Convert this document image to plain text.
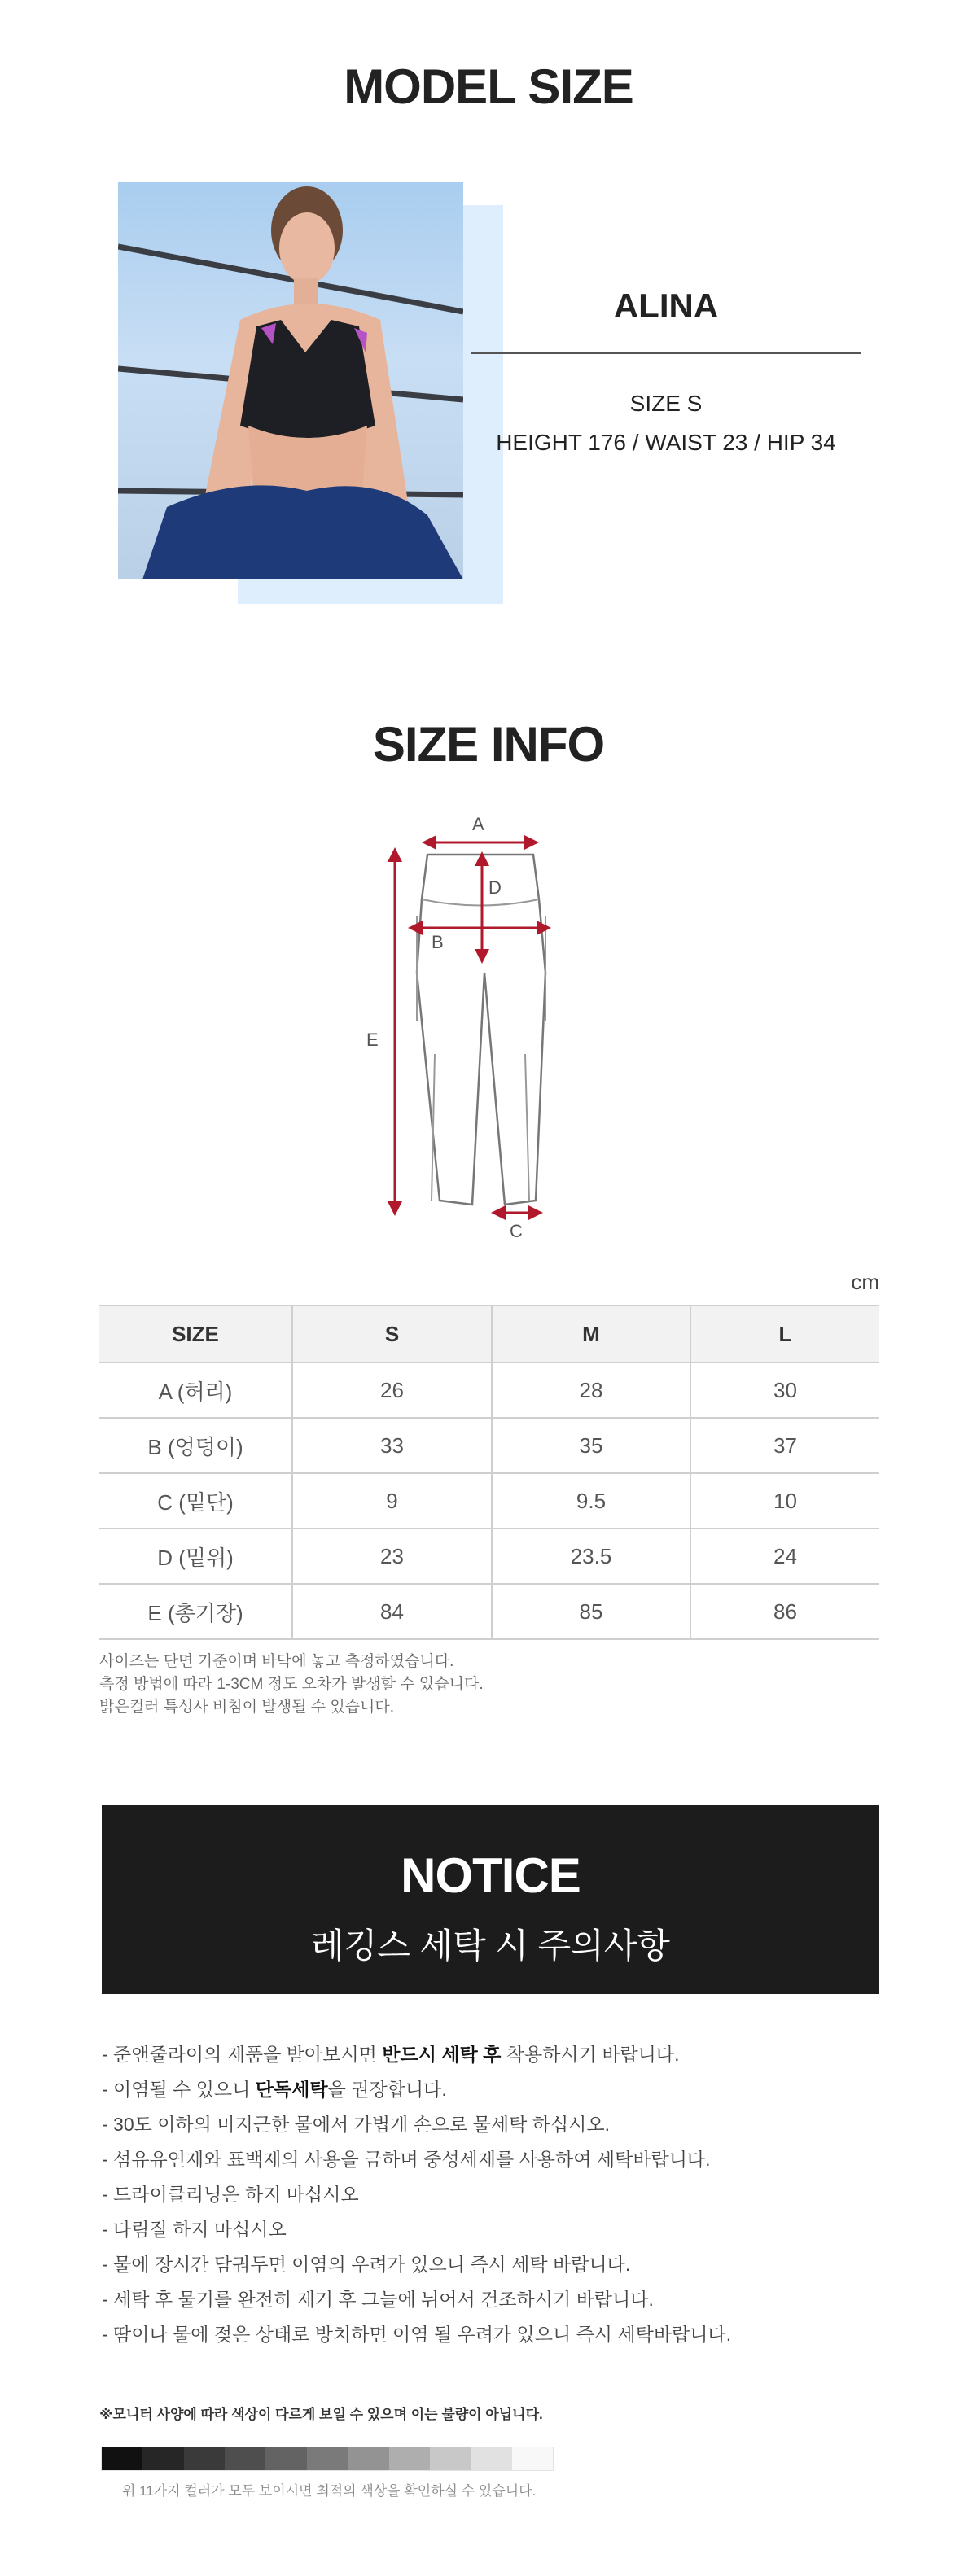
MODEL SIZE
ALINA
SIZE S
HEIGHT 176 / WAIST 23 / HIP 34
SIZE INFO
A
D
B
E
C
cm
SIZE	S	M	L
A (허리)	26	28	30
B (엉덩이)	33	35	37
C (밑단)	9	9.5	10
D (밑위)	23	23.5	24
E (총기장)	84	85	86
사이즈는 단면 기준이며 바닥에 놓고 측정하였습니다.
측정 방법에 따라 1-3CM 정도 오차가 발생할 수 있습니다.
밝은컬러 특성사 비침이 발생될 수 있습니다.
NOTICE
레깅스 세탁 시 주의사항
- 준앤줄라이의 제품을 받아보시면 반드시 세탁 후 착용하시기 바랍니다.
- 이염될 수 있으니 단독세탁을 권장합니다.
- 30도 이하의 미지근한 물에서 가볍게 손으로 물세탁 하십시오.
- 섬유유연제와 표백제의 사용을 금하며 중성세제를 사용하여 세탁바랍니다.
- 드라이클리닝은 하지 마십시오
- 다림질 하지 마십시오
- 물에 장시간 담궈두면 이염의 우려가 있으니 즉시 세탁 바랍니다.
- 세탁 후 물기를 완전히 제거 후 그늘에 뉘어서 건조하시기 바랍니다.
- 땀이나 물에 젖은 상태로 방치하면 이염 될 우려가 있으니 즉시 세탁바랍니다.
※모니터 사양에 따라 색상이 다르게 보일 수 있으며 이는 불량이 아닙니다.
위 11가지 컬러가 모두 보이시면 최적의 색상을 확인하실 수 있습니다.
